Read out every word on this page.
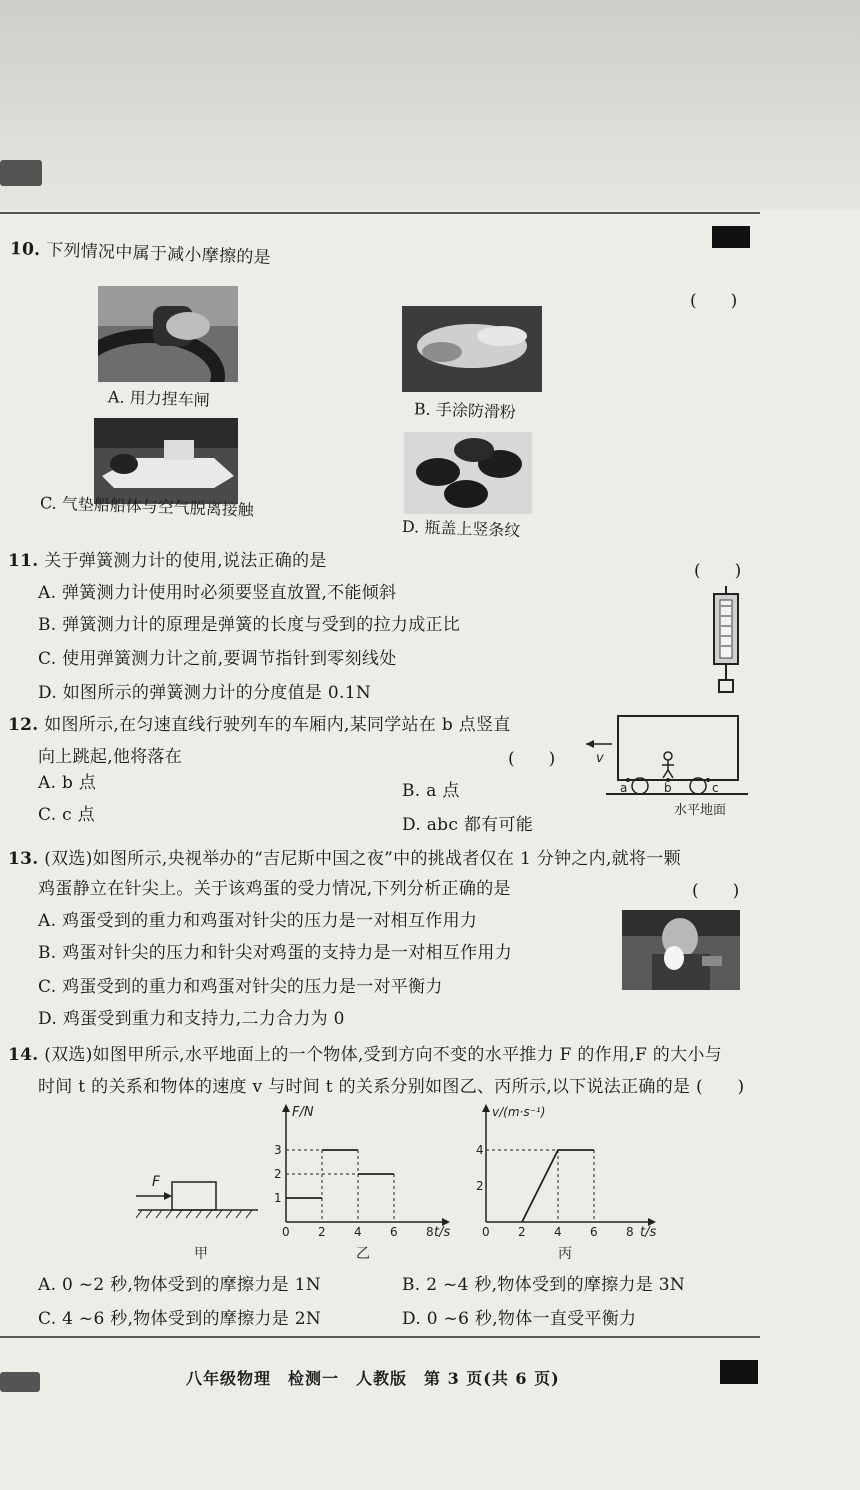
10. 下列情况中属于减小摩擦的是
(　　)
A. 用力捏车闸
B. 手涂防滑粉
C. 气垫船船体与空气脱离接触
D. 瓶盖上竖条纹
11. 关于弹簧测力计的使用,说法正确的是	(　　)
A. 弹簧测力计使用时必须要竖直放置,不能倾斜
B. 弹簧测力计的原理是弹簧的长度与受到的拉力成正比
C. 使用弹簧测力计之前,要调节指针到零刻线处
D. 如图所示的弹簧测力计的分度值是 0.1N
12. 如图所示,在匀速直线行驶列车的车厢内,某同学站在 b 点竖直
向上跳起,他将落在	(　　)
A. b 点	B. a 点
C. c 点	D. abc 都有可能
v
a	b	c
水平地面
13. (双选)如图所示,央视举办的“吉尼斯中国之夜”中的挑战者仅在 1 分钟之内,就将一颗
鸡蛋静立在针尖上。关于该鸡蛋的受力情况,下列分析正确的是	(　　)
A. 鸡蛋受到的重力和鸡蛋对针尖的压力是一对相互作用力
B. 鸡蛋对针尖的压力和针尖对鸡蛋的支持力是一对相互作用力
C. 鸡蛋受到的重力和鸡蛋对针尖的压力是一对平衡力
D. 鸡蛋受到重力和支持力,二力合力为 0
14. (双选)如图甲所示,水平地面上的一个物体,受到方向不变的水平推力 F 的作用,F 的大小与
时间 t 的关系和物体的速度 v 与时间 t 的关系分别如图乙、丙所示,以下说法正确的是 (　　)
F
甲
F/N
t/s
0 2 4 6 8
1
2
3
乙
v/(m·s⁻¹)
t/s
0 2 4 6 8
2
4
丙
A. 0 ~2 秒,物体受到的摩擦力是 1N	B. 2 ~4 秒,物体受到的摩擦力是 3N
C. 4 ~6 秒,物体受到的摩擦力是 2N	D. 0 ~6 秒,物体一直受平衡力
八年级物理　检测一　人教版　第 3 页(共 6 页)
